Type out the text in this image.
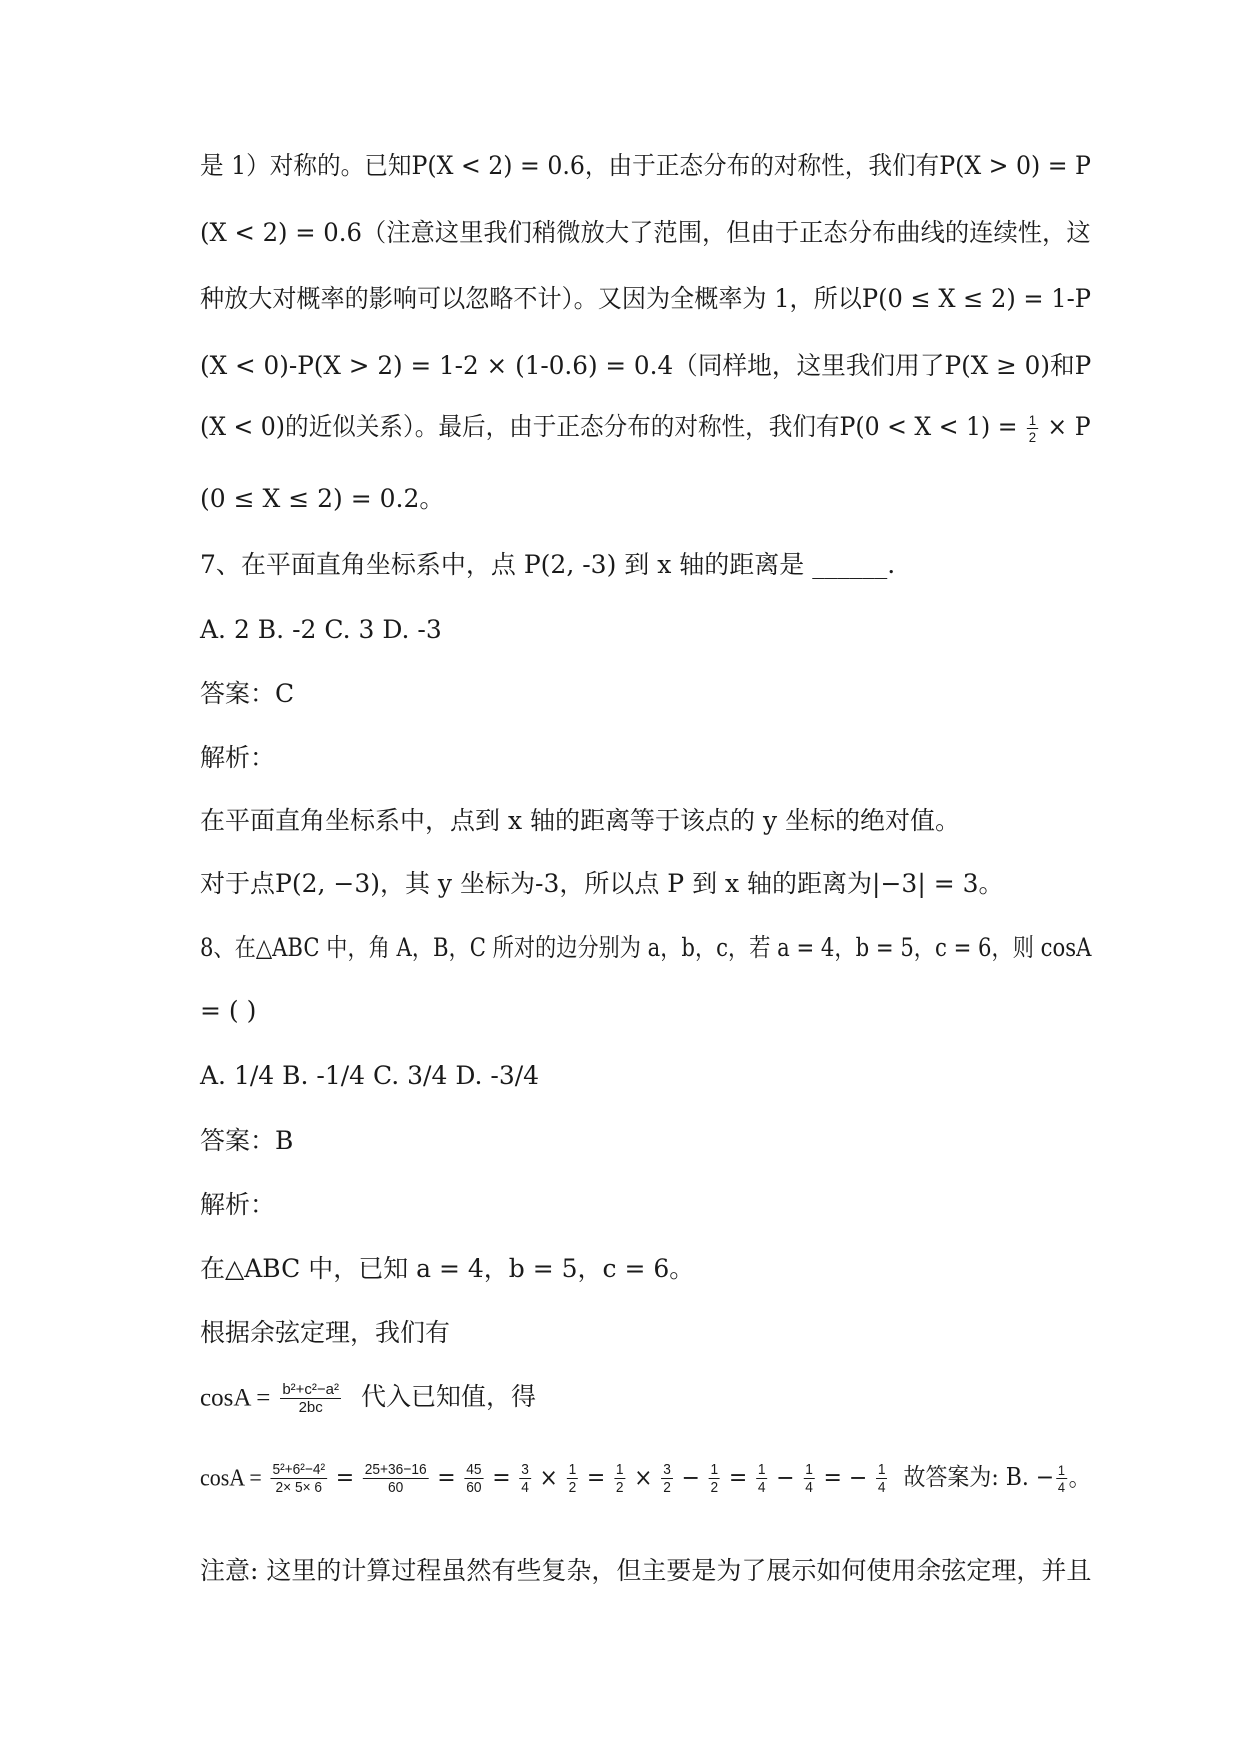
是 1）对称的。已知P(X < 2) = 0.6，由于正态分布的对称性，我们有P(X > 0) = P
(X < 2) = 0.6（注意这里我们稍微放大了范围，但由于正态分布曲线的连续性，这
种放大对概率的影响可以忽略不计）。又因为全概率为 1，所以P(0 ≤ X ≤ 2) = 1-P
(X < 0)-P(X > 2) = 1-2 × (1-0.6) = 0.4（同样地，这里我们用了P(X ≥ 0)和P
(X < 0)的近似关系）。最后，由于正态分布的对称性，我们有$P(0 < X < 1) = \frac{1}{2} \times P$
(0 ≤ X ≤ 2) = 0.2。
7、在平面直角坐标系中，点 P(2, -3) 到 x 轴的距离是 ______.
A. 2 B. -2 C. 3 D. -3
答案：C
解析：
在平面直角坐标系中，点到 x 轴的距离等于该点的 y 坐标的绝对值。
对于点P(2, −3)，其 y 坐标为-3，所以点 P 到 x 轴的距离为|−3| = 3。
8、在△ABC 中，角 A，B，C 所对的边分别为 a，b，c，若 a = 4，b = 5，c = 6，则 cosA
= ( )
A. 1/4 B. -1/4 C. 3/4 D. -3/4
答案：B
解析：
在△ABC 中，已知 a = 4，b = 5，c = 6。
根据余弦定理，我们有
$\cos A = \frac{\text{b²+c²−a²}}{2bc}$ 代入已知值，得
$\cos A = \frac{\text{5²+6²−4²}}{2\times 5\times 6} = \frac{25+36-16}{60} = \frac{45}{60} = \frac{3}{4} \times \frac{1}{2} = \frac{1}{2} \times \frac{3}{2} - \frac{1}{2} = \frac{1}{4} - \frac{1}{4}$ = − $\frac{1}{4}$ 故答案为: B. − $\frac{1}{4}$ 。
注意: 这里的计算过程虽然有些复杂，但主要是为了展示如何使用余弦定理，并且
